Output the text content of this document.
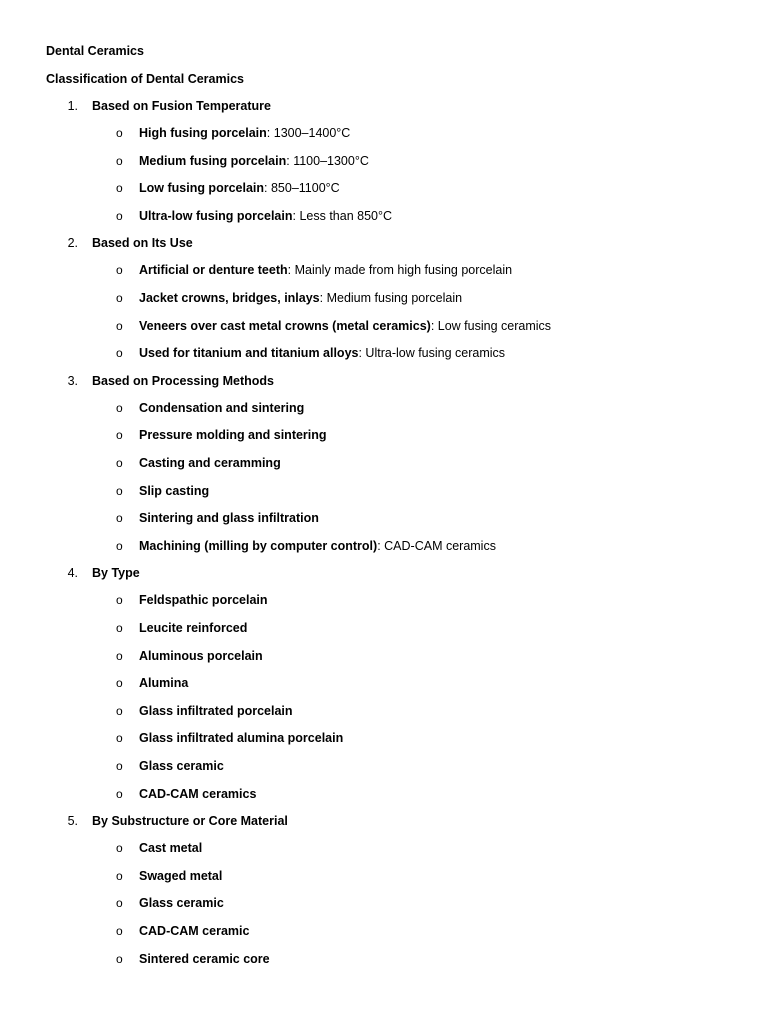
Dental Ceramics
Classification of Dental Ceramics
1. Based on Fusion Temperature
o High fusing porcelain: 1300–1400°C
o Medium fusing porcelain: 1100–1300°C
o Low fusing porcelain: 850–1100°C
o Ultra-low fusing porcelain: Less than 850°C
2. Based on Its Use
o Artificial or denture teeth: Mainly made from high fusing porcelain
o Jacket crowns, bridges, inlays: Medium fusing porcelain
o Veneers over cast metal crowns (metal ceramics): Low fusing ceramics
o Used for titanium and titanium alloys: Ultra-low fusing ceramics
3. Based on Processing Methods
o Condensation and sintering
o Pressure molding and sintering
o Casting and ceramming
o Slip casting
o Sintering and glass infiltration
o Machining (milling by computer control): CAD-CAM ceramics
4. By Type
o Feldspathic porcelain
o Leucite reinforced
o Aluminous porcelain
o Alumina
o Glass infiltrated porcelain
o Glass infiltrated alumina porcelain
o Glass ceramic
o CAD-CAM ceramics
5. By Substructure or Core Material
o Cast metal
o Swaged metal
o Glass ceramic
o CAD-CAM ceramic
o Sintered ceramic core
